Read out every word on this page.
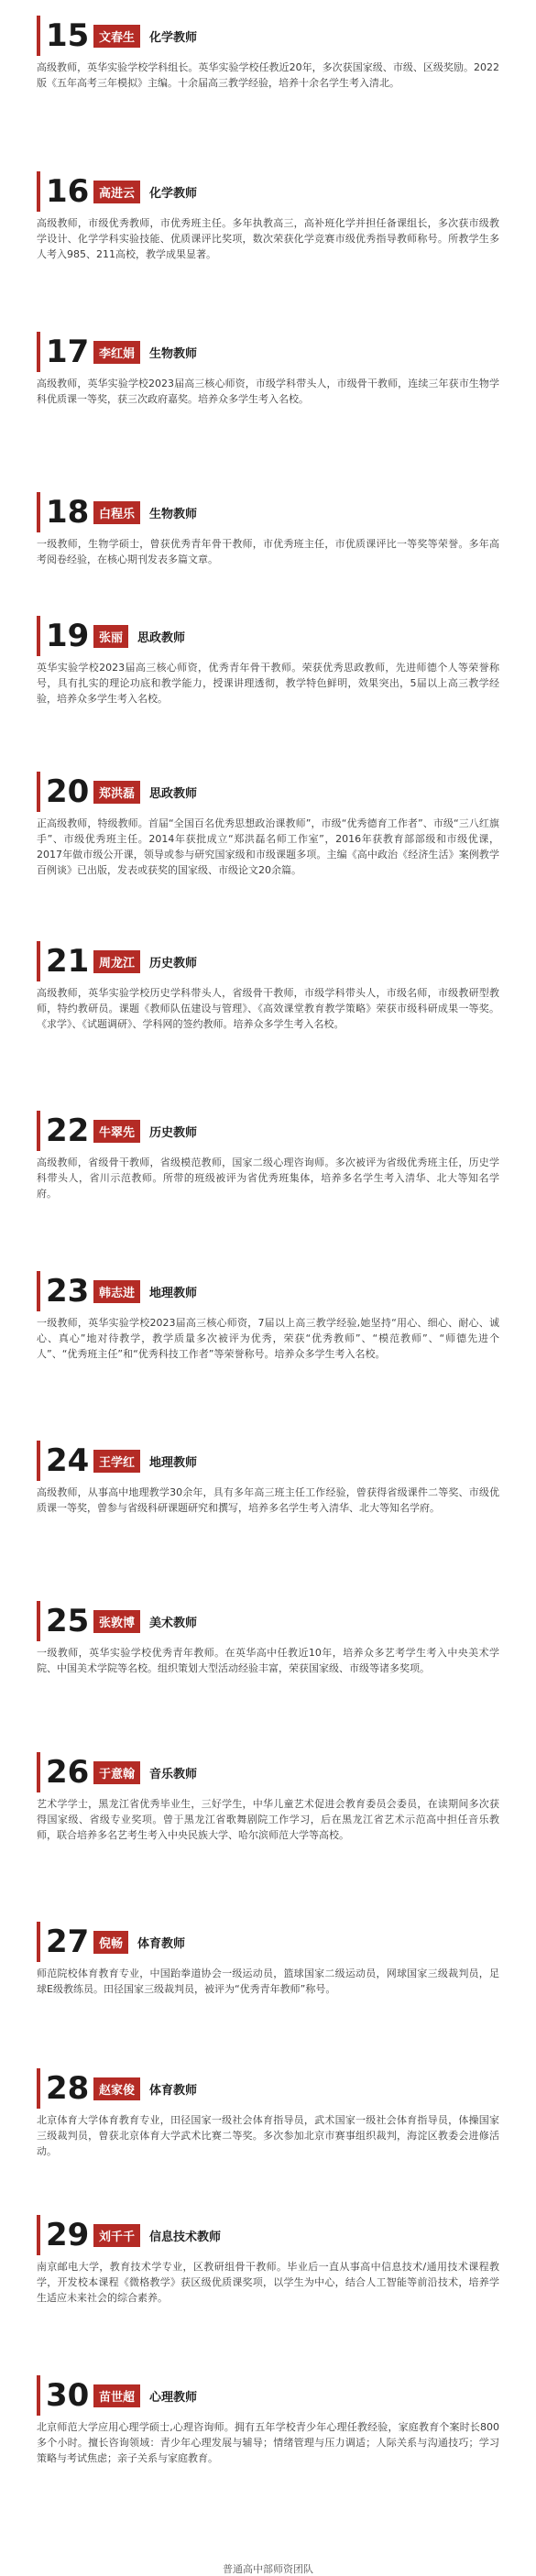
15 文春生	化学教师

高级教师，英华实验学校学科组长。英华实验学校任教近20年，多次获国家级、市级、区级奖励。2022版《五年高考三年模拟》主编。十余届高三教学经验，培养十余名学生考入清北。

16 高进云	化学教师

高级教师，市级优秀教师，市优秀班主任。多年执教高三，高补班化学并担任备课组长，多次获市级教学设计、化学学科实验技能、优质课评比奖项，数次荣获化学竞赛市级优秀指导教师称号。所教学生多人考入985、211高校，教学成果显著。

17 李红娟	生物教师

高级教师，英华实验学校2023届高三核心师资，市级学科带头人，市级骨干教师，连续三年获市生物学科优质课一等奖，获三次政府嘉奖。培养众多学生考入名校。

18 白程乐	生物教师

一级教师，生物学硕士，曾获优秀青年骨干教师，市优秀班主任，市优质课评比一等奖等荣誉。多年高考阅卷经验，在核心期刊发表多篇文章。

19 张丽	思政教师

英华实验学校2023届高三核心师资，优秀青年骨干教师。荣获优秀思政教师，先进师德个人等荣誉称号，具有扎实的理论功底和教学能力，授课讲理透彻，教学特色鲜明，效果突出，5届以上高三教学经验，培养众多学生考入名校。

20 郑洪磊	思政教师

正高级教师，特级教师。首届“全国百名优秀思想政治课教师”，市级“优秀德育工作者”、市级“三八红旗手”、市级优秀班主任。2014年获批成立“郑洪磊名师工作室”，2016年获教育部部级和市级优课，2017年做市级公开课，领导或参与研究国家级和市级课题多项。主编《高中政治《经济生活》案例教学百例谈》已出版，发表或获奖的国家级、市级论文20余篇。

21 周龙江	历史教师

高级教师，英华实验学校历史学科带头人，省级骨干教师，市级学科带头人，市级名师，市级教研型教师，特约教研员。课题《教师队伍建设与管理》、《高效课堂教育教学策略》荣获市级科研成果一等奖。《求学》、《试题调研》、学科网的签约教师。培养众多学生考入名校。

22 牛翠先	历史教师

高级教师，省级骨干教师，省级模范教师，国家二级心理咨询师。多次被评为省级优秀班主任，历史学科带头人，省川示范教师。所带的班级被评为省优秀班集体，培养多名学生考入清华、北大等知名学府。

23 韩志进	地理教师

一级教师，英华实验学校2023届高三核心师资，7届以上高三教学经验,她坚持“用心、细心、耐心、诚心、真心”地对待教学，教学质量多次被评为优秀，荣获“优秀教师”、“模范教师”、“师德先进个人”、“优秀班主任”和“优秀科技工作者”等荣誉称号。培养众多学生考入名校。

24 王学红	地理教师

高级教师，从事高中地理教学30余年，具有多年高三班主任工作经验，曾获得省级课件二等奖、市级优质课一等奖，曾参与省级科研课题研究和撰写，培养多名学生考入清华、北大等知名学府。

25 张敦博	美术教师

一级教师，英华实验学校优秀青年教师。在英华高中任教近10年，培养众多艺考学生考入中央美术学院、中国美术学院等名校。组织策划大型活动经验丰富，荣获国家级、市级等诸多奖项。

26 于意翰	音乐教师

艺术学学士，黑龙江省优秀毕业生，三好学生，中华儿童艺术促进会教育委员会委员，在读期间多次获得国家级、省级专业奖项。曾于黑龙江省歌舞剧院工作学习，后在黑龙江省艺术示范高中担任音乐教师，联合培养多名艺考生考入中央民族大学、哈尔滨师范大学等高校。

27 倪畅	体育教师

师范院校体育教育专业，中国跆拳道协会一级运动员，篮球国家二级运动员，网球国家三级裁判员，足球E级教练员。田径国家三级裁判员，被评为“优秀青年教师”称号。

28 赵家俊	体育教师

北京体育大学体育教育专业，田径国家一级社会体育指导员，武术国家一级社会体育指导员，体操国家三级裁判员，曾获北京体育大学武术比赛二等奖。多次参加北京市赛事组织裁判，海淀区教委会进修活动。

29 刘千千	信息技术教师

南京邮电大学，教育技术学专业，区教研组骨干教师。毕业后一直从事高中信息技术/通用技术课程教学，开发校本课程《微格教学》获区级优质课奖项，以学生为中心，结合人工智能等前沿技术，培养学生适应未来社会的综合素养。

30 苗世超	心理教师

北京师范大学应用心理学硕士,心理咨询师。拥有五年学校青少年心理任教经验，家庭教育个案时长800多个小时。擅长咨询领域：青少年心理发展与辅导；情绪管理与压力调适；人际关系与沟通技巧；学习策略与考试焦虑；亲子关系与家庭教育。

普通高中部师资团队
